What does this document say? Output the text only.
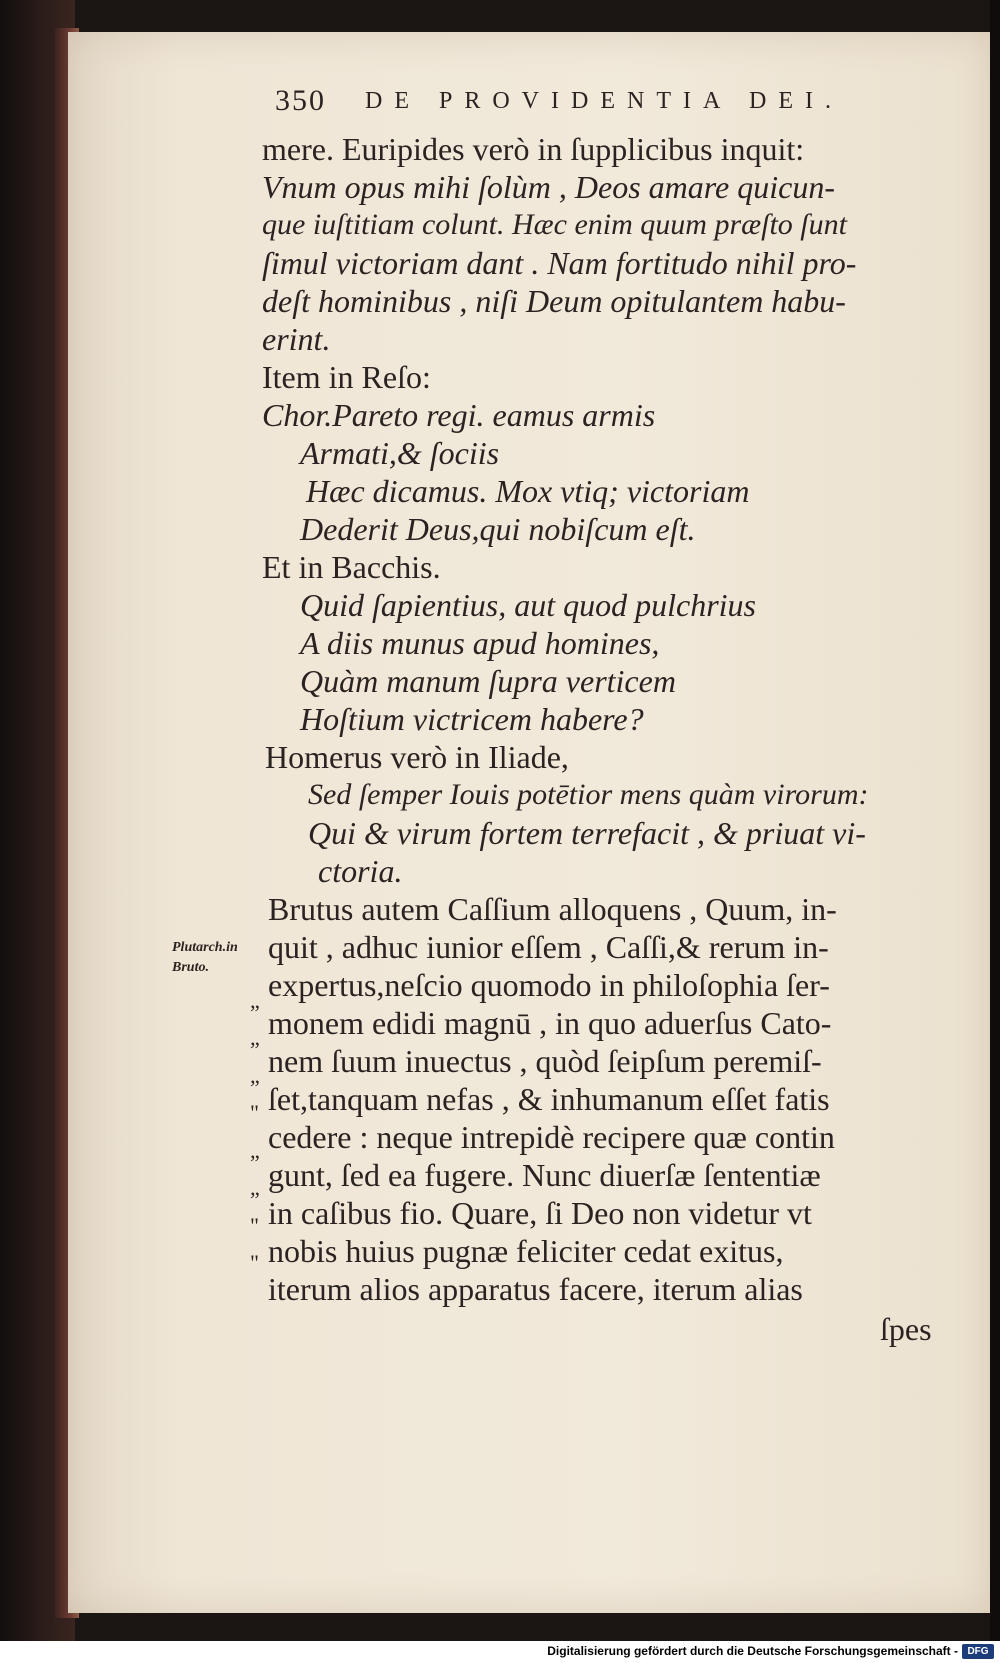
350 DE PROVIDENTIA DEI.
mere. Euripides verò in ſupplicibus inquit:
Vnum opus mihi ſolùm , Deos amare quicun-
que iuſtitiam colunt. Hæc enim quum præſto ſunt
ſimul victoriam dant . Nam fortitudo nihil pro-
deſt hominibus , niſi Deum opitulantem habu-
erint.
Item in Reſo:
Chor.Pareto regi. eamus armis
Armati,& ſociis
Hæc dicamus. Mox vtiq; victoriam
Dederit Deus,qui nobiſcum eſt.
Et in Bacchis.
Quid ſapientius, aut quod pulchrius
A diis munus apud homines,
Quàm manum ſupra verticem
Hoſtium victricem habere?
Homerus verò in Iliade,
Sed ſemper Iouis potētior mens quàm virorum:
Qui & virum fortem terrefacit , & priuat vi-
ctoria.
Brutus autem Caſſium alloquens , Quum, in-
quit , adhuc iunior eſſem , Caſſi,& rerum in-
expertus,neſcio quomodo in philoſophia ſer-
monem edidi magnū , in quo aduerſus Cato-
nem ſuum inuectus , quòd ſeipſum peremiſ-
ſet,tanquam nefas , & inhumanum eſſet fatis
cedere : neque intrepidè recipere quæ contin
gunt, ſed ea fugere. Nunc diuerſæ ſententiæ
in caſibus fio. Quare, ſi Deo non videtur vt
nobis huius pugnæ feliciter cedat exitus,
iterum alios apparatus facere, iterum alias
ſpes
Plutarch.in
Bruto.
„
„
„
"
„
„
"
"
Digitalisierung gefördert durch die Deutsche Forschungsgemeinschaft - DFG
